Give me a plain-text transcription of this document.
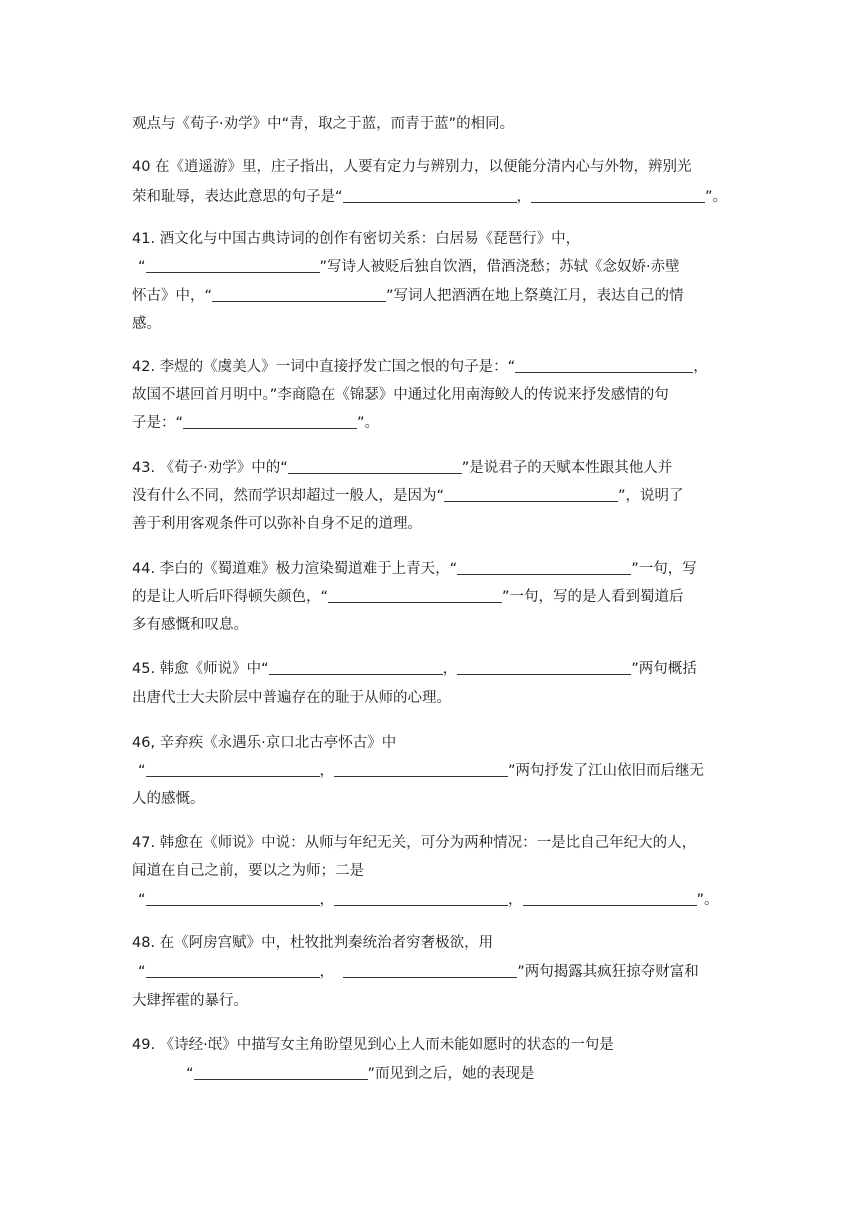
观点与《荀子·劝学》中“青，取之于蓝，而青于蓝”的相同。
40 在《逍遥游》里，庄子指出，人要有定力与辨别力，以便能分清内心与外物，辨别光
荣和耻辱，表达此意思的句子是“	，	”。
41. 酒文化与中国古典诗词的创作有密切关系：白居易《琵琶行》中，
“	”写诗人被贬后独自饮酒，借酒浇愁；苏轼《念奴娇·赤壁
怀古》中，“	”写词人把酒洒在地上祭奠江月，表达自己的情
感。
42. 李煜的《虞美人》一词中直接抒发亡国之恨的句子是：“	，
故国不堪回首月明中。”李商隐在《锦瑟》中通过化用南海鲛人的传说来抒发感情的句
子是：“	”。
43. 《荀子·劝学》中的“	”是说君子的天赋本性跟其他人并
没有什么不同，然而学识却超过一般人，是因为“	”，说明了
善于利用客观条件可以弥补自身不足的道理。
44. 李白的《蜀道难》极力渲染蜀道难于上青天，“	”一句，写
的是让人听后吓得顿失颜色，“	”一句，写的是人看到蜀道后
多有感慨和叹息。
45. 韩愈《师说》中“	，	”两句概括
出唐代士大夫阶层中普遍存在的耻于从师的心理。
46, 辛弃疾《永遇乐·京口北古亭怀古》中
“	，	”两句抒发了江山依旧而后继无
人的感慨。
47. 韩愈在《师说》中说：从师与年纪无关，可分为两种情况：一是比自己年纪大的人，
闻道在自己之前，要以之为师；二是
“	，	，	”。
48. 在《阿房宫赋》中，杜牧批判秦统治者穷奢极欲，用
“	，	”两句揭露其疯狂掠夺财富和
大肆挥霍的暴行。
49. 《诗经·氓》中描写女主角盼望见到心上人而未能如愿时的状态的一句是
“	”而见到之后，她的表现是
